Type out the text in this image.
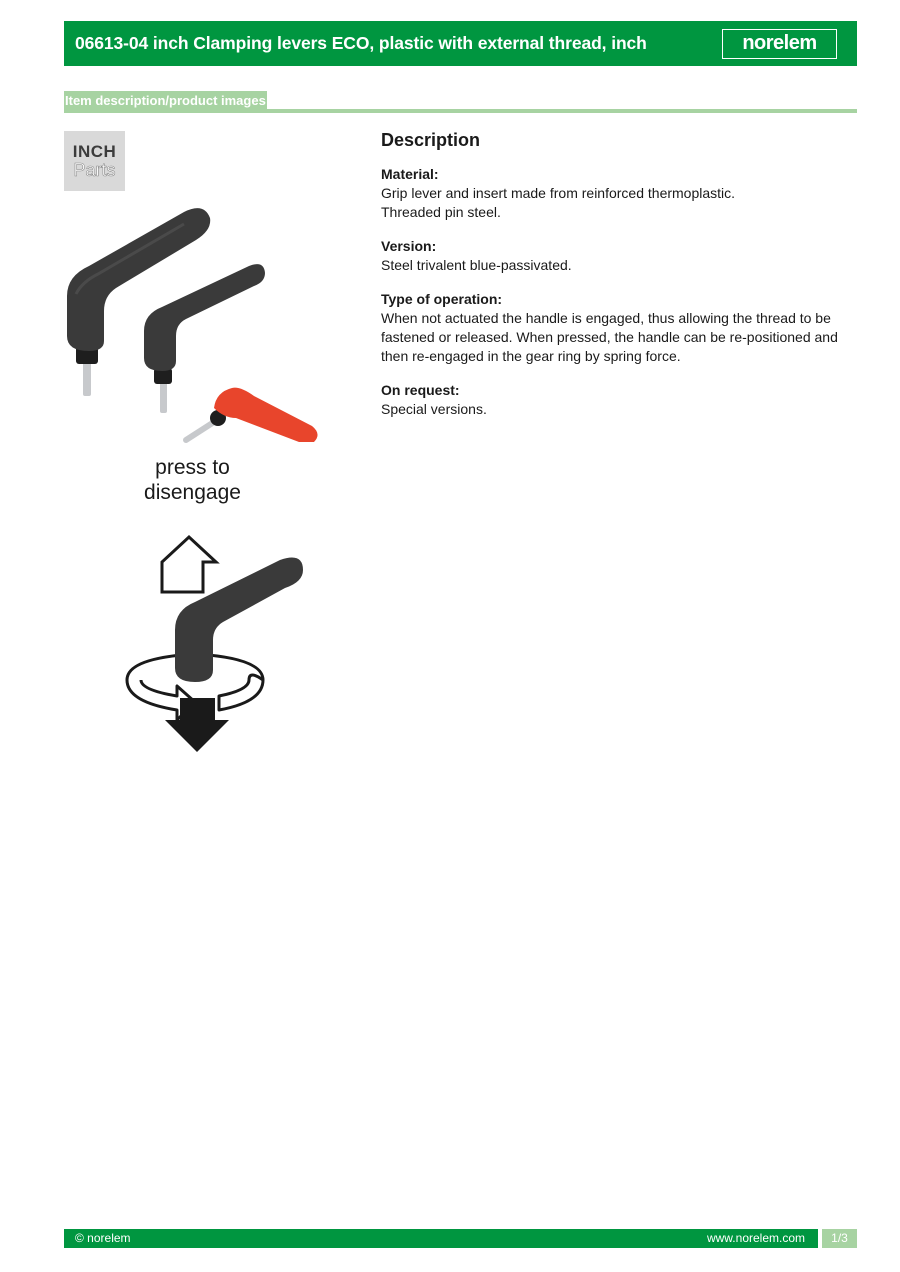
06613-04 inch Clamping levers ECO, plastic with external thread, inch	norelem
Item description/product images
INCH
Parts
press to
disengage
Description
Material:
Grip lever and insert made from reinforced thermoplastic.
Threaded pin steel.
Version:
Steel trivalent blue-passivated.
Type of operation:
When not actuated the handle is engaged, thus allowing the thread to be fastened or released. When pressed, the handle can be re-positioned and then re-engaged in the gear ring by spring force.
On request:
Special versions.
© norelem	www.norelem.com	1/3
